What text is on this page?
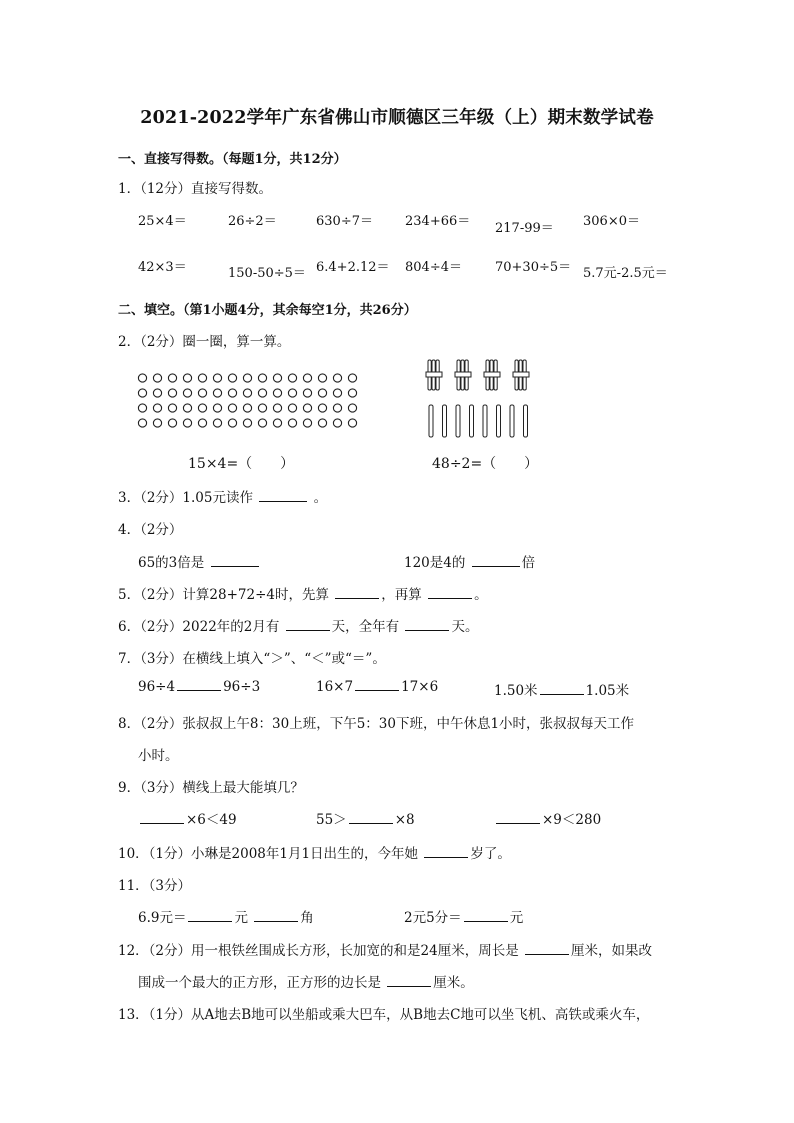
2021-2022学年广东省佛山市顺德区三年级（上）期末数学试卷
一、直接写得数。（每题1分，共12分）
1．（12分）直接写得数。
25×4＝	26÷2＝	630÷7＝ 234+66＝ 217-99＝ 306×0＝
42×3＝	150-50÷5＝ 6.4+2.12＝ 804÷4＝	70+30÷5＝ 5.7元-2.5元＝
二、填空。（第1小题4分，其余每空1分，共26分）
2．（2分）圈一圈，算一算。
15×4=（　　）	48÷2=（　　）
3．（2分）1.05元读作	。
4．（2分）
65的3倍是	120是4的	倍
5．（2分）计算28+72÷4时，先算	，再算	。
6．（2分）2022年的2月有	天，全年有	天。
7．（3分）在横线上填入“＞”、“＜”或“＝”。
96÷4	96÷3	16×7	17×6	1.50米	1.05米
8．（2分）张叔叔上午8：30上班，下午5：30下班，中午休息1小时，张叔叔每天工作
小时。
9．（3分）横线上最大能填几？
×6＜49	55＞	×8	×9＜280
10．（1分）小琳是2008年1月1日出生的，今年她	岁了。
11．（3分）
6.9元＝	元	角	2元5分＝	元
12．（2分）用一根铁丝围成长方形，长加宽的和是24厘米，周长是	厘米，如果改
围成一个最大的正方形，正方形的边长是	厘米。
13．（1分）从A地去B地可以坐船或乘大巴车，从B地去C地可以坐飞机、高铁或乘火车，
